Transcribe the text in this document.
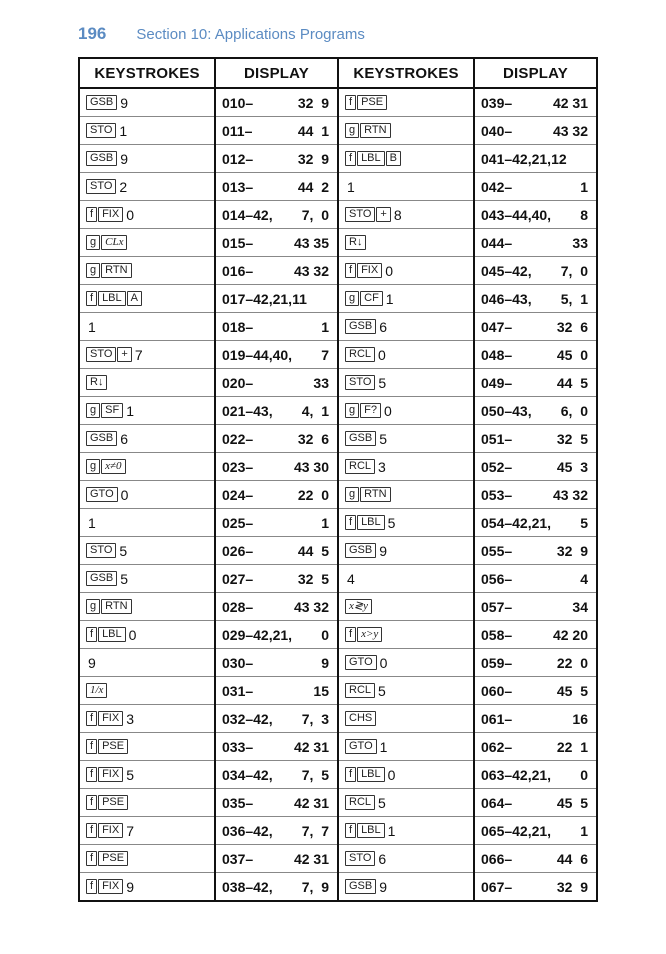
196 Section 10: Applications Programs
KEYSTROKES	DISPLAY	KEYSTROKES	DISPLAY

GSB 9	010– 32  9	f PSE	039– 42 31

STO 1	011– 44  1	g RTN	040– 43 32

GSB 9	012– 32  9	f LBL B	041–42,21,12

STO 2	013– 44  2	1	042– 1

f FIX 0	014–42, 7,  0	STO + 8	043–44,40, 8

g CLx	015– 43 35	R↓	044– 33

g RTN	016– 43 32	f FIX 0	045–42, 7,  0

f LBL A	017–42,21,11	g CF 1	046–43, 5,  1

1	018– 1	GSB 6	047– 32  6

STO + 7	019–44,40, 7	RCL 0	048– 45  0

R↓	020– 33	STO 5	049– 44  5

g SF 1	021–43, 4,  1	g F? 0	050–43, 6,  0

GSB 6	022– 32  6	GSB 5	051– 32  5

g x≠0	023– 43 30	RCL 3	052– 45  3

GTO 0	024– 22  0	g RTN	053– 43 32

1	025– 1	f LBL 5	054–42,21, 5

STO 5	026– 44  5	GSB 9	055– 32  9

GSB 5	027– 32  5	4	056– 4

g RTN	028– 43 32	x≷y	057– 34

f LBL 0	029–42,21, 0	f x>y	058– 42 20

9	030– 9	GTO 0	059– 22  0

1/x	031– 15	RCL 5	060– 45  5

f FIX 3	032–42, 7,  3	CHS	061– 16

f PSE	033– 42 31	GTO 1	062– 22  1

f FIX 5	034–42, 7,  5	f LBL 0	063–42,21, 0

f PSE	035– 42 31	RCL 5	064– 45  5

f FIX 7	036–42, 7,  7	f LBL 1	065–42,21, 1

f PSE	037– 42 31	STO 6	066– 44  6

f FIX 9	038–42, 7,  9	GSB 9	067– 32  9
